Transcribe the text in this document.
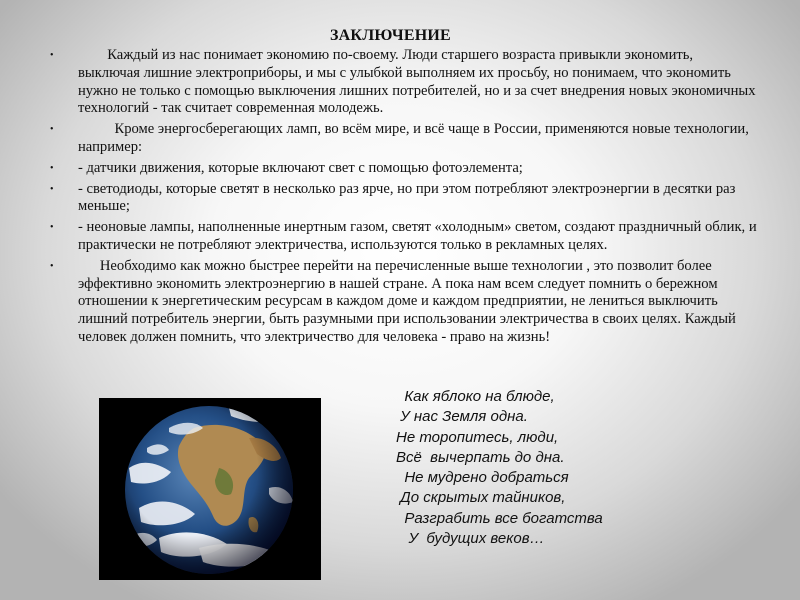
ЗАКЛЮЧЕНИЕ
• Каждый из нас понимает экономию по-своему. Люди старшего возраста привыкли экономить, выключая лишние электроприборы, и мы с улыбкой выполняем их просьбу, но понимаем, что экономить нужно не только с помощью выключения лишних потребителей, но и за счет внедрения новых экономичных технологий - так считает современная молодежь.
• Кроме энергосберегающих ламп, во всём мире, и всё чаще в России, применяются новые технологии, например:
• - датчики движения, которые включают свет с помощью фотоэлемента;
• - светодиоды, которые светят в несколько раз ярче, но при этом потребляют электроэнергии в десятки раз меньше;
• - неоновые лампы, наполненные инертным газом, светят «холодным» светом, создают праздничный облик, и практически не потребляют электричества, используются только в рекламных целях.
• Необходимо как можно быстрее перейти на перечисленные выше технологии , это позволит более эффективно экономить электроэнергию в нашей стране. А пока нам всем следует помнить о бережном отношении к энергетическим ресурсам в каждом доме и каждом предприятии, не лениться выключить лишний потребитель энергии, быть разумными при использовании электричества в своих целях. Каждый человек должен помнить, что электричество для человека - право на жизнь!
Как яблоко на блюде,
У нас Земля одна.
Не торопитесь, люди,
Всё  вычерпать до дна.
Не мудрено добраться
До скрытых тайников,
Разграбить все богатства
У  будущих веков…
